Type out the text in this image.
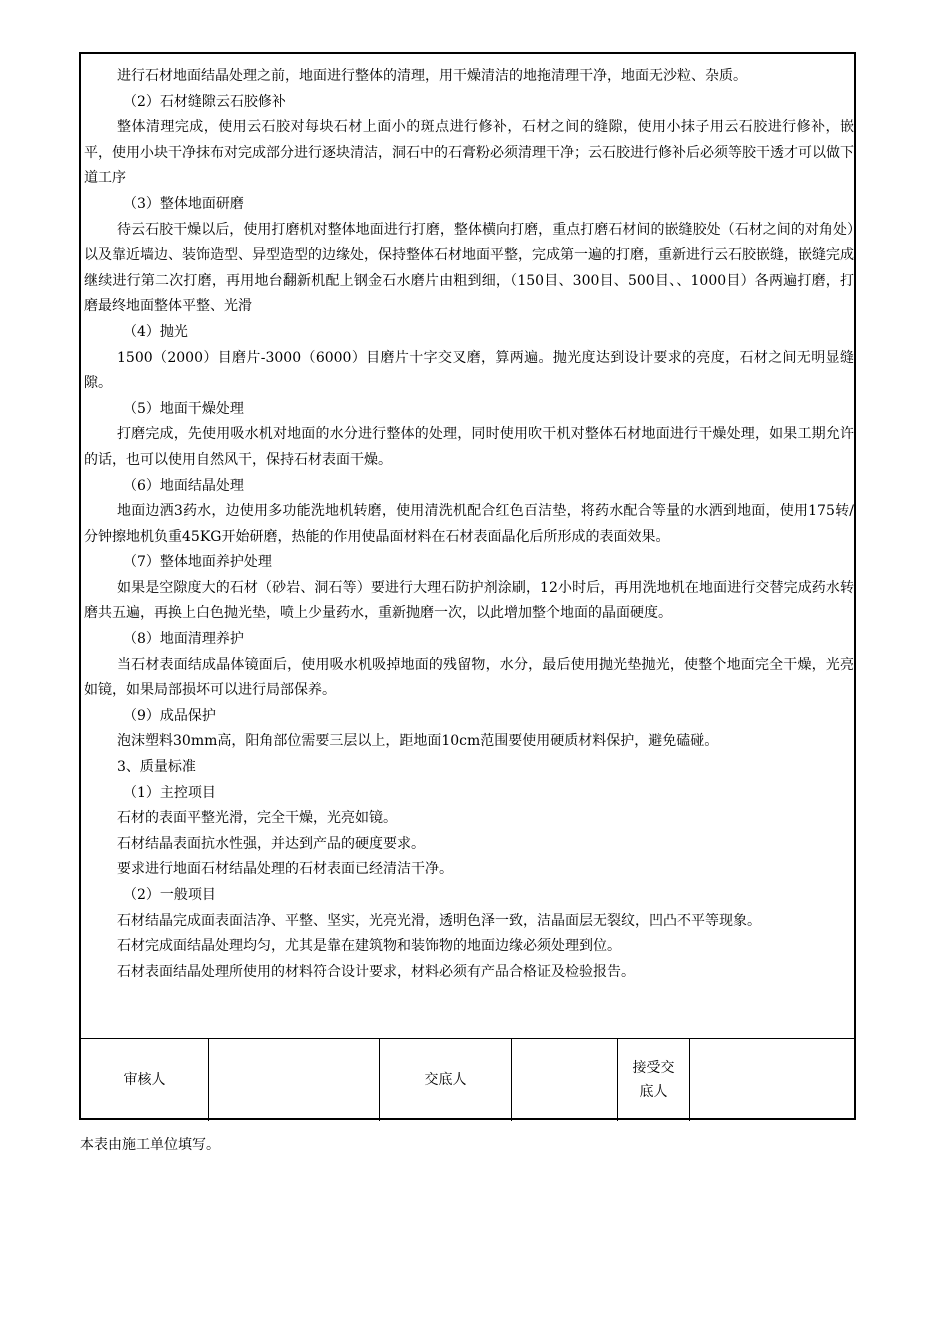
进行石材地面结晶处理之前，地面进行整体的清理，用干燥清洁的地拖清理干净，地面无沙粒、杂质。

（2）石材缝隙云石胶修补

整体清理完成，使用云石胶对每块石材上面小的斑点进行修补，石材之间的缝隙，使用小抹子用云石胶进行修补，嵌平，使用小块干净抹布对完成部分进行逐块清洁，洞石中的石膏粉必须清理干净；云石胶进行修补后必须等胶干透才可以做下道工序

（3）整体地面研磨

待云石胶干燥以后，使用打磨机对整体地面进行打磨，整体横向打磨，重点打磨石材间的嵌缝胶处（石材之间的对角处）以及靠近墙边、装饰造型、异型造型的边缘处，保持整体石材地面平整，完成第一遍的打磨，重新进行云石胶嵌缝，嵌缝完成继续进行第二次打磨，再用地台翻新机配上钢金石水磨片由粗到细，（150目、300目、500目、、1000目）各两遍打磨，打磨最终地面整体平整、光滑

（4）抛光

1500（2000）目磨片-3000（6000）目磨片十字交叉磨，算两遍。抛光度达到设计要求的亮度，石材之间无明显缝隙。

（5）地面干燥处理

打磨完成，先使用吸水机对地面的水分进行整体的处理，同时使用吹干机对整体石材地面进行干燥处理，如果工期允许的话，也可以使用自然风干，保持石材表面干燥。

（6）地面结晶处理

地面边洒3药水，边使用多功能洗地机转磨，使用清洗机配合红色百洁垫，将药水配合等量的水洒到地面，使用175转/分钟擦地机负重45KG开始研磨，热能的作用使晶面材料在石材表面晶化后所形成的表面效果。

（7）整体地面养护处理

如果是空隙度大的石材（砂岩、洞石等）要进行大理石防护剂涂刷，12小时后，再用洗地机在地面进行交替完成药水转磨共五遍，再换上白色抛光垫，喷上少量药水，重新抛磨一次，以此增加整个地面的晶面硬度。

（8）地面清理养护

当石材表面结成晶体镜面后，使用吸水机吸掉地面的残留物，水分，最后使用抛光垫抛光，使整个地面完全干燥，光亮如镜，如果局部损坏可以进行局部保养。

（9）成品保护

泡沫塑料30mm高，阳角部位需要三层以上，距地面10cm范围要使用硬质材料保护，避免磕碰。

3、质量标准

（1）主控项目

石材的表面平整光滑，完全干燥，光亮如镜。

石材结晶表面抗水性强，并达到产品的硬度要求。

要求进行地面石材结晶处理的石材表面已经清洁干净。

（2）一般项目

石材结晶完成面表面洁净、平整、坚实，光亮光滑，透明色泽一致，洁晶面层无裂纹，凹凸不平等现象。

石材完成面结晶处理均匀，尤其是靠在建筑物和装饰物的地面边缘必须处理到位。

石材表面结晶处理所使用的材料符合设计要求，材料必须有产品合格证及检验报告。

审核人	交底人
接受交底人
本表由施工单位填写。
